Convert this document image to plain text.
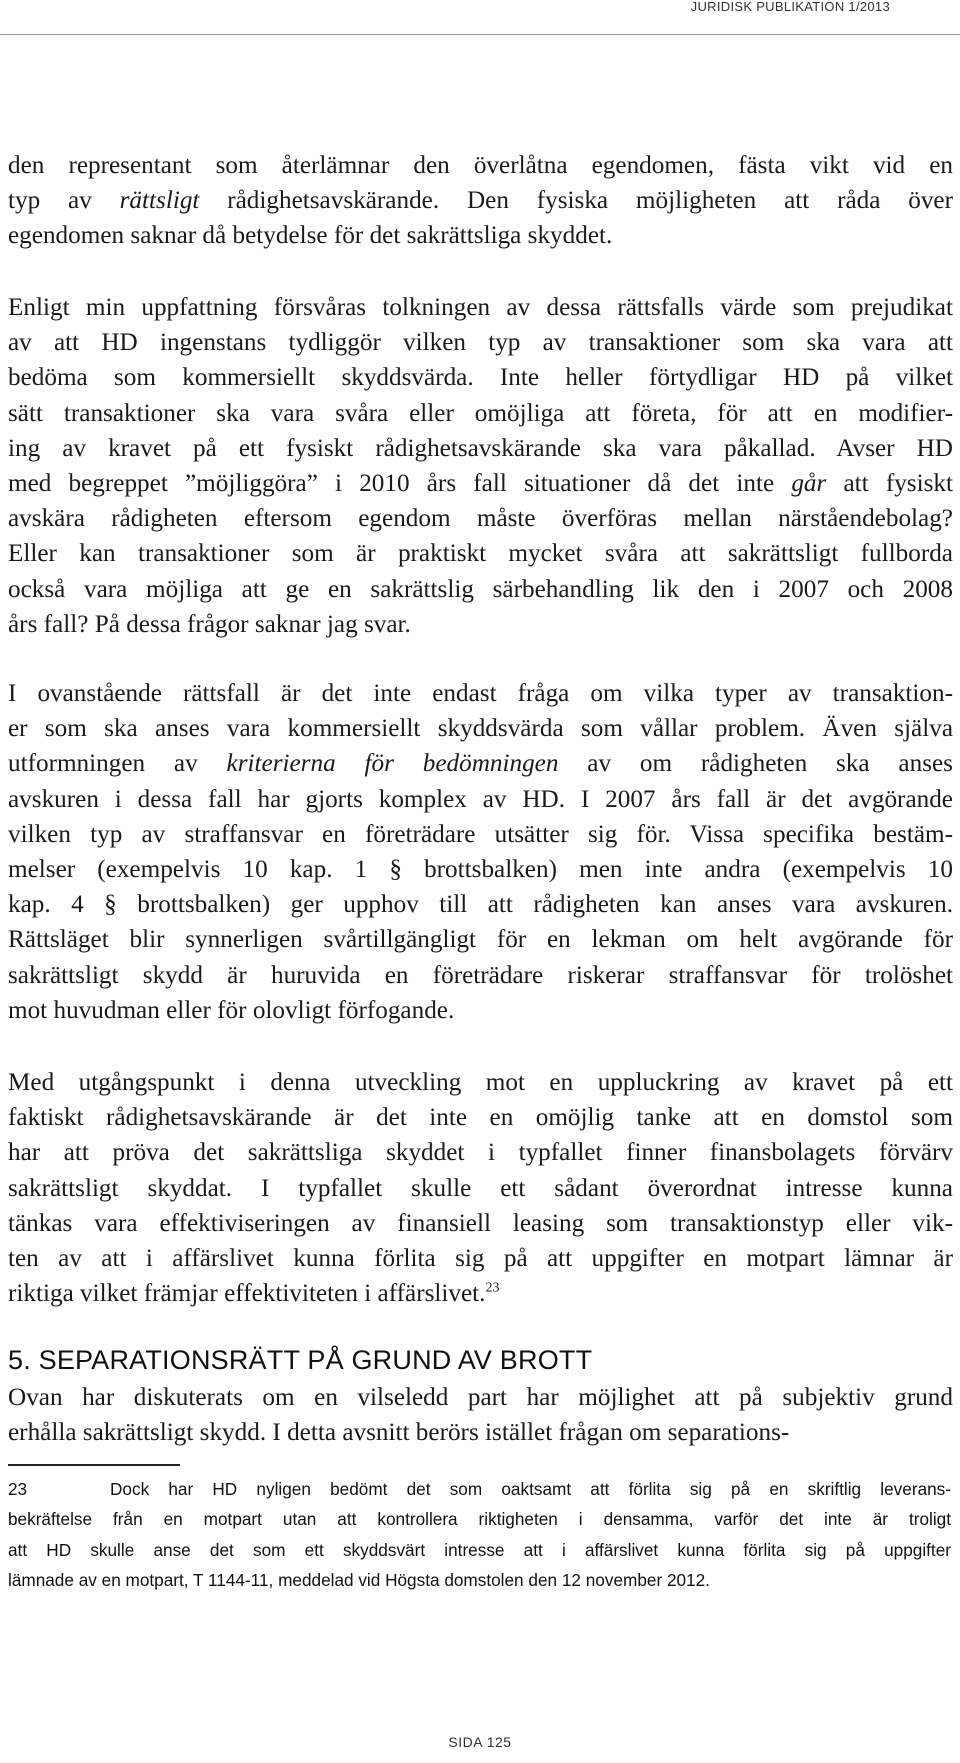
JURIDISK PUBLIKATION 1/2013
den representant som återlämnar den överlåtna egendomen, fästa vikt vid en
typ av rättsligt rådighetsavskärande. Den fysiska möjligheten att råda över
egendomen saknar då betydelse för det sakrättsliga skyddet.
Enligt min uppfattning försvåras tolkningen av dessa rättsfalls värde som prejudikat
av att HD ingenstans tydliggör vilken typ av transaktioner som ska vara att
bedöma som kommersiellt skyddsvärda. Inte heller förtydligar HD på vilket
sätt transaktioner ska vara svåra eller omöjliga att företa, för att en modifier-
ing av kravet på ett fysiskt rådighetsavskärande ska vara påkallad. Avser HD
med begreppet ”möjliggöra” i 2010 års fall situationer då det inte går att fysiskt
avskära rådigheten eftersom egendom måste överföras mellan närståendebolag?
Eller kan transaktioner som är praktiskt mycket svåra att sakrättsligt fullborda
också vara möjliga att ge en sakrättslig särbehandling lik den i 2007 och 2008
års fall? På dessa frågor saknar jag svar.
I ovanstående rättsfall är det inte endast fråga om vilka typer av transaktion-
er som ska anses vara kommersiellt skyddsvärda som vållar problem. Även själva
utformningen av kriterierna för bedömningen av om rådigheten ska anses
avskuren i dessa fall har gjorts komplex av HD. I 2007 års fall är det avgörande
vilken typ av straffansvar en företrädare utsätter sig för. Vissa specifika bestäm-
melser (exempelvis 10 kap. 1 § brottsbalken) men inte andra (exempelvis 10
kap. 4 § brottsbalken) ger upphov till att rådigheten kan anses vara avskuren.
Rättsläget blir synnerligen svårtillgängligt för en lekman om helt avgörande för
sakrättsligt skydd är huruvida en företrädare riskerar straffansvar för trolöshet
mot huvudman eller för olovligt förfogande.
Med utgångspunkt i denna utveckling mot en uppluckring av kravet på ett
faktiskt rådighetsavskärande är det inte en omöjlig tanke att en domstol som
har att pröva det sakrättsliga skyddet i typfallet finner finansbolagets förvärv
sakrättsligt skyddat. I typfallet skulle ett sådant överordnat intresse kunna
tänkas vara effektiviseringen av finansiell leasing som transaktionstyp eller vik-
ten av att i affärslivet kunna förlita sig på att uppgifter en motpart lämnar är
riktiga vilket främjar effektiviteten i affärslivet.$^{23}$
5. SEPARATIONSRÄTT PÅ GRUND AV BROTT
Ovan har diskuterats om en vilseledd part har möjlighet att på subjektiv grund
erhålla sakrättsligt skydd. I detta avsnitt berörs istället frågan om separations-
23	Dock har HD nyligen bedömt det som oaktsamt att förlita sig på en skriftlig leverans-
bekräftelse från en motpart utan att kontrollera riktigheten i densamma, varför det inte är troligt
att HD skulle anse det som ett skyddsvärt intresse att i affärslivet kunna förlita sig på uppgifter
lämnade av en motpart, T 1144-11, meddelad vid Högsta domstolen den 12 november 2012.
SIDA 125
